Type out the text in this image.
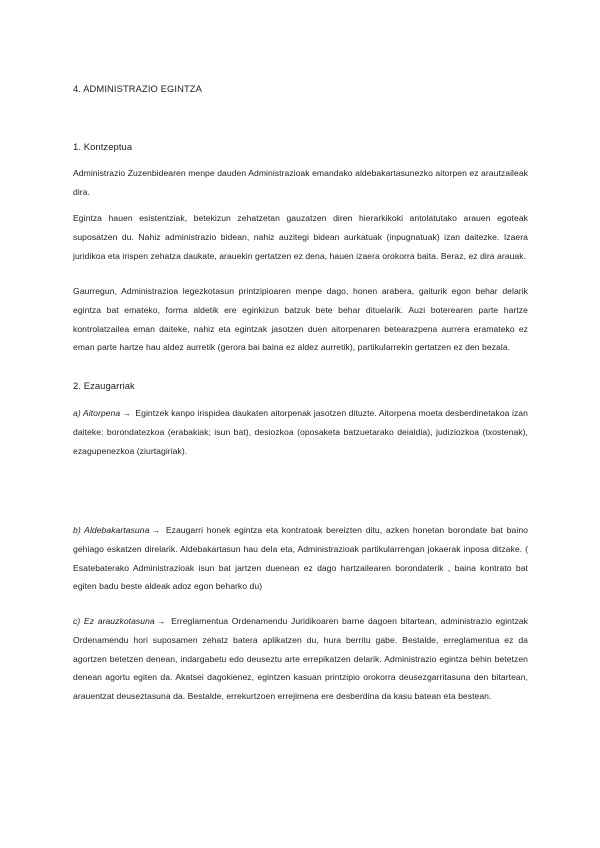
4. ADMINISTRAZIO EGINTZA
1. Kontzeptua

Administrazio Zuzenbidearen menpe dauden Administrazioak emandako aldebakartasunezko aitorpen ez arautzaileak dira.

Egintza hauen esistentziak, betekizun zehatzetan gauzatzen diren hierarkikoki antolatutako arauen egoteak suposatzen du. Nahiz administrazio bidean, nahiz auzitegi bidean aurkatuak (inpugnatuak) izan daitezke. Izaera juridikoa eta irispen zehatza daukate, arauekin gertatzen ez dena, hauen izaera orokorra baita. Beraz, ez dira arauak.

Gaurregun, Administrazioa legezkotasun printzipioaren menpe dago, honen arabera, gaiturik egon behar delarik egintza bat emateko, forma aldetik ere eginkizun batzuk bete behar dituelarik. Auzi boterearen parte hartze kontrolatzailea eman daiteke, nahiz eta egintzak jasotzen duen aitorpenaren betearazpena aurrera eramateko ez eman parte hartze hau aldez aurretik (gerora bai baina ez aldez aurretik), partikularrekin gertatzen ez den bezala.

2. Ezaugarriak

a) Aitorpena → Egintzek kanpo irispidea daukaten aitorpenak jasotzen dituzte. Aitorpena moeta desberdinetakoa izan daiteke: borondatezkoa (erabakiak; isun bat), desiozkoa (oposaketa batzuetarako deialdia), judiziozkoa (txostenak), ezagupenezkoa (ziurtagiriak).

b) Aldebakartasuna → Ezaugarri honek egintza eta kontratoak bereizten ditu, azken honetan borondate bat baino gehiago eskatzen direlarik. Aldebakartasun hau dela eta, Administrazioak partikularrengan jokaerak inposa ditzake. ( Esatebaterako Administrazioak isun bat jartzen duenean ez dago hartzailearen borondaterik , baina kontrato bat egiten badu beste aldeak adoz egon beharko du)

c) Ez arauzkotasuna → Erreglamentua Ordenamendu Juridikoaren barne dagoen bitartean, administrazio egintzak Ordenamendu hori suposamen zehatz batera aplikatzen du, hura berritu gabe. Bestalde, erreglamentua ez da agortzen betetzen denean, indargabetu edo deuseztu arte errepikatzen delarik. Administrazio egintza behin betetzen denean agortu egiten da. Akatsei dagokienez, egintzen kasuan printzipio orokorra deusezgarritasuna den bitartean, arauentzat deuseztasuna da. Bestalde, errekurtzoen errejimena ere desberdina da kasu batean eta bestean.
